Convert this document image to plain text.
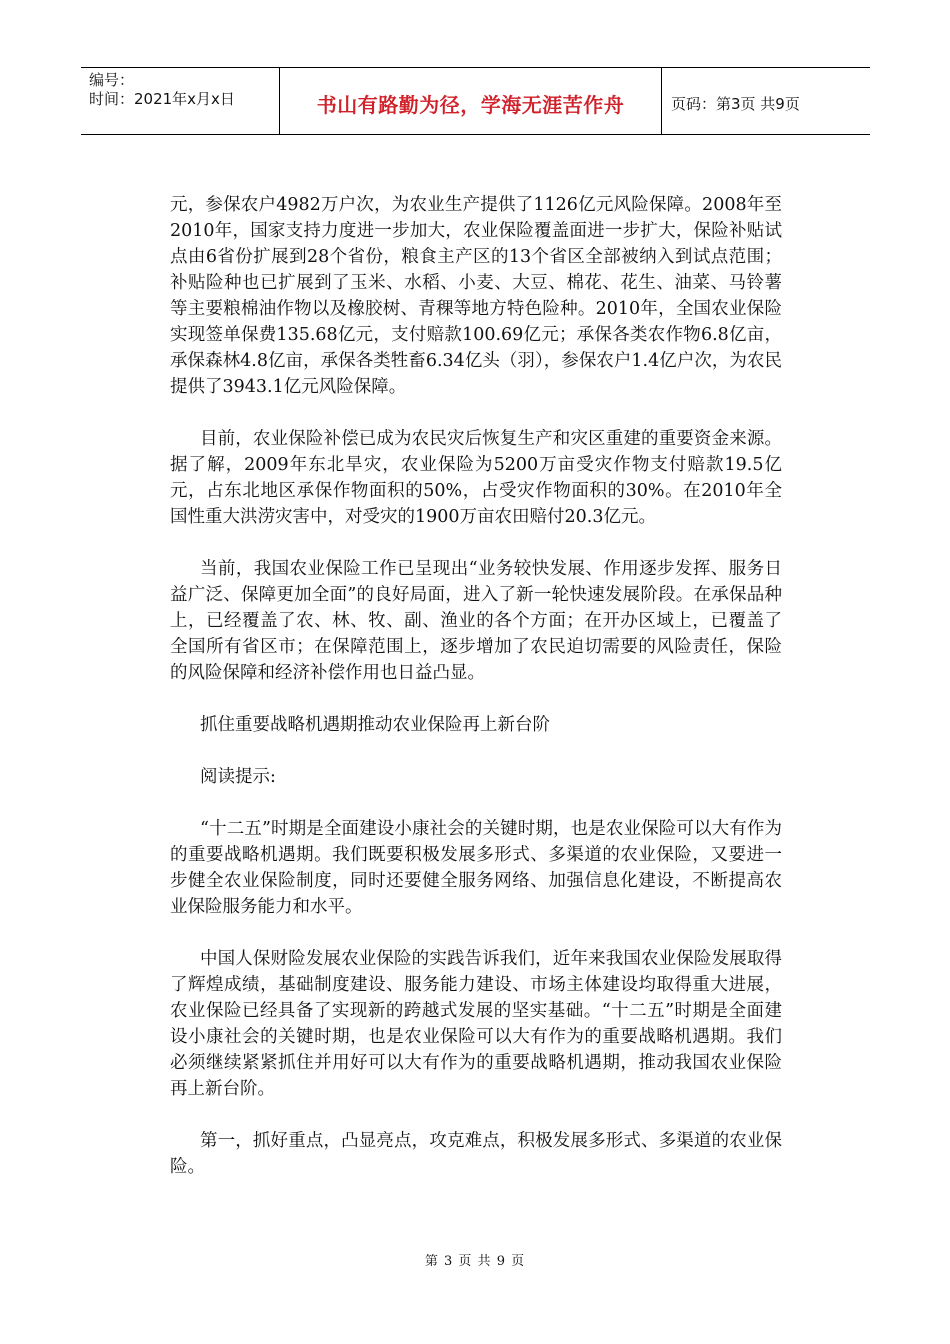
编号：
时间：2021年x月x日	书山有路勤为径，学海无涯苦作舟	页码：第3页 共9页

元，参保农户4982万户次，为农业生产提供了1126亿元风险保障。2008年至2010年，国家支持力度进一步加大，农业保险覆盖面进一步扩大，保险补贴试点由6省份扩展到28个省份，粮食主产区的13个省区全部被纳入到试点范围；补贴险种也已扩展到了玉米、水稻、小麦、大豆、棉花、花生、油菜、马铃薯等主要粮棉油作物以及橡胶树、青稞等地方特色险种。2010年，全国农业保险实现签单保费135.68亿元，支付赔款100.69亿元；承保各类农作物6.8亿亩，承保森林4.8亿亩，承保各类牲畜6.34亿头（羽），参保农户1.4亿户次，为农民提供了3943.1亿元风险保障。

目前，农业保险补偿已成为农民灾后恢复生产和灾区重建的重要资金来源。据了解，2009年东北旱灾，农业保险为5200万亩受灾作物支付赔款19.5亿元，占东北地区承保作物面积的50%，占受灾作物面积的30%。在2010年全国性重大洪涝灾害中，对受灾的1900万亩农田赔付20.3亿元。

当前，我国农业保险工作已呈现出“业务较快发展、作用逐步发挥、服务日益广泛、保障更加全面”的良好局面，进入了新一轮快速发展阶段。在承保品种上，已经覆盖了农、林、牧、副、渔业的各个方面；在开办区域上，已覆盖了全国所有省区市；在保障范围上，逐步增加了农民迫切需要的风险责任，保险的风险保障和经济补偿作用也日益凸显。

抓住重要战略机遇期推动农业保险再上新台阶

阅读提示:

“十二五”时期是全面建设小康社会的关键时期，也是农业保险可以大有作为的重要战略机遇期。我们既要积极发展多形式、多渠道的农业保险，又要进一步健全农业保险制度，同时还要健全服务网络、加强信息化建设，不断提高农业保险服务能力和水平。

中国人保财险发展农业保险的实践告诉我们，近年来我国农业保险发展取得了辉煌成绩，基础制度建设、服务能力建设、市场主体建设均取得重大进展，农业保险已经具备了实现新的跨越式发展的坚实基础。“十二五”时期是全面建设小康社会的关键时期，也是农业保险可以大有作为的重要战略机遇期。我们必须继续紧紧抓住并用好可以大有作为的重要战略机遇期，推动我国农业保险再上新台阶。

第一，抓好重点，凸显亮点，攻克难点，积极发展多形式、多渠道的农业保险。

第 3 页 共 9 页
